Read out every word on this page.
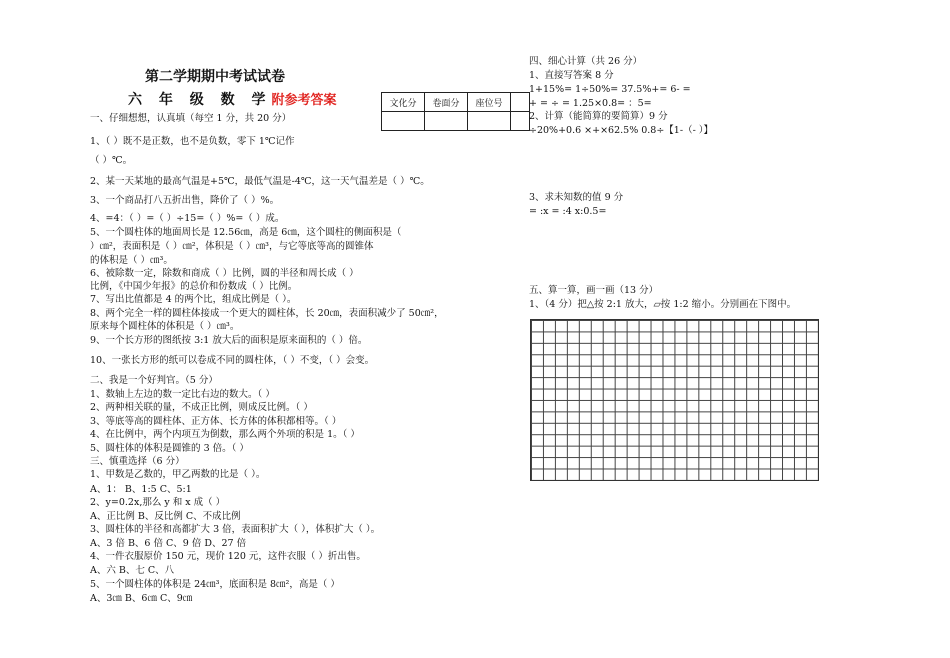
第二学期期中考试试卷
六 年 级 数 学附参考答案	文化分	卷面分	座位号	

一、仔细想想，认真填（每空 1 分，共 20 分）
1、（ ）既不是正数，也不是负数，零下 1℃记作
（ ）℃。
2、某一天某地的最高气温是+5℃，最低气温是-4℃，这一天气温差是（ ）℃。
3、一个商品打八五折出售，降价了（ ）%。
4、=4：（ ）=（ ）÷15=（ ）%=（ ）成。
5、一个圆柱体的地面周长是 12.56㎝，高是 6㎝，这个圆柱的侧面积是（
）㎝²，表面积是（ ）㎝²，体积是（ ）㎝³，与它等底等高的圆锥体
的体积是（ ）㎝³。
6、被除数一定，除数和商成（ ）比例，圆的半径和周长成（ ）
比例，《中国少年报》的总价和份数成（ ）比例。
7、写出比值都是 4 的两个比，组成比例是（ ）。
8、两个完全一样的圆柱体接成一个更大的圆柱体，长 20㎝，表面积减少了 50㎝²，
原来每个圆柱体的体积是（ ）㎝³。
9、一个长方形的图纸按 3:1 放大后的面积是原来面积的（ ）倍。
10、一张长方形的纸可以卷成不同的圆柱体，（ ）不变，（ ）会变。
二、我是一个好判官。（5 分）
1、数轴上左边的数一定比右边的数大。（ ）
2、两种相关联的量，不成正比例，则成反比例。（ ）
3、等底等高的圆柱体、正方体、长方体的体积都相等。（ ）
4、在比例中，两个内项互为倒数，那么两个外项的积是 1。（ ）
5、圆柱体的体积是圆锥的 3 倍。（ ）
三、慎重选择（6 分）
1、甲数是乙数的，甲乙两数的比是（ ）。
A、1： B、1:5 C、5:1
2、y=0.2x,那么 y 和 x 成（ ）
A、正比例 B、反比例 C、不成比例
3、圆柱体的半径和高都扩大 3 倍，表面积扩大（ ），体积扩大（ ）。
A、3 倍 B、6 倍 C、9 倍 D、27 倍
4、一件衣服原价 150 元，现价 120 元，这件衣服（ ）折出售。
A、六 B、七 C、八
5、一个圆柱体的体积是 24㎝³，底面积是 8㎝²，高是（ ）
A、3㎝ B、6㎝ C、9㎝
四、细心计算（共 26 分）
1、直接写答案 8 分
1+15%= 1÷50%= 37.5%+= 6- =
+ = ÷ = 1.25×0.8= ：5=
2、计算（能简算的要简算）9 分
÷20%+0.6 ×+×62.5% 0.8÷【1-（- ）】
3、求未知数的值 9 分
= :x = :4 x:0.5=
五、算一算，画一画（13 分）
1、（4 分）把△按 2:1 放大，▱按 1:2 缩小。分别画在下图中。
